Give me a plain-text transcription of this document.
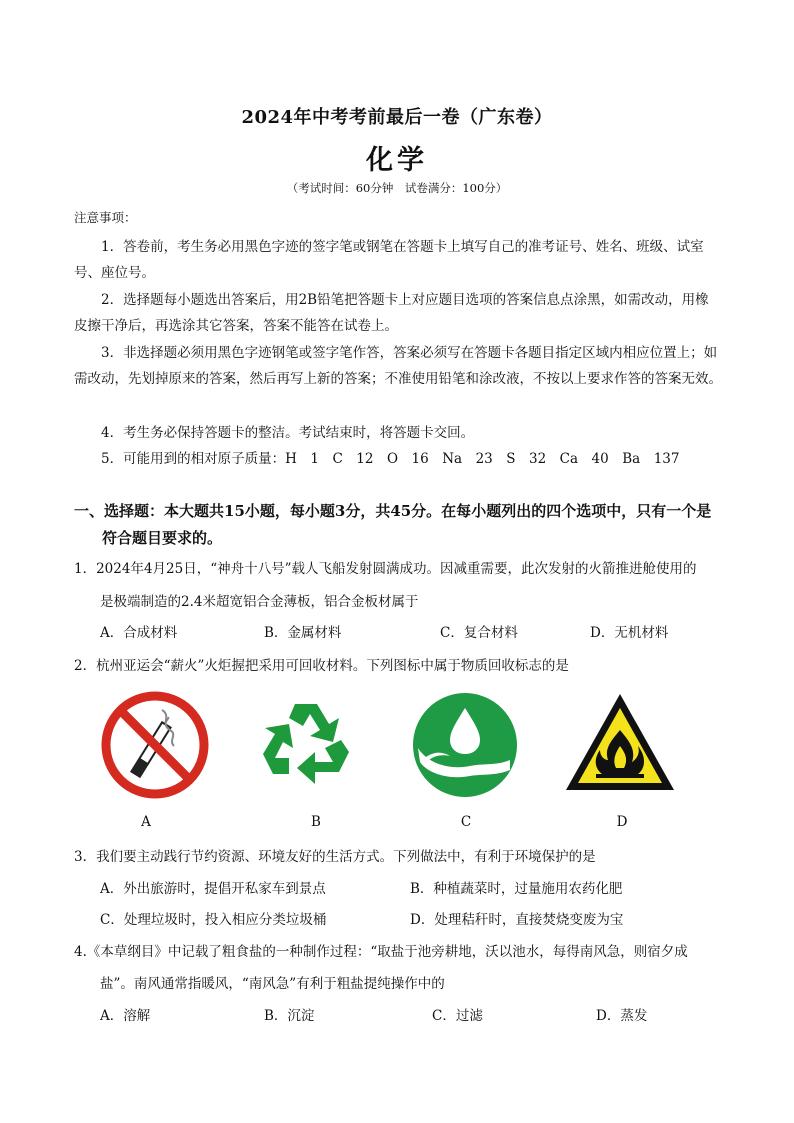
2024年中考考前最后一卷（广东卷）
化学
（考试时间：60分钟　试卷满分：100分）
注意事项：
1．答卷前，考生务必用黑色字迹的签字笔或钢笔在答题卡上填写自己的准考证号、姓名、班级、试室号、座位号。
2．选择题每小题选出答案后，用2B铅笔把答题卡上对应题目选项的答案信息点涂黑，如需改动，用橡皮擦干净后，再选涂其它答案，答案不能答在试卷上。
3．非选择题必须用黑色字迹钢笔或签字笔作答，答案必须写在答题卡各题目指定区域内相应位置上；如需改动，先划掉原来的答案，然后再写上新的答案；不准使用铅笔和涂改液，不按以上要求作答的答案无效。
4．考生务必保持答题卡的整洁。考试结束时，将答题卡交回。
5．可能用到的相对原子质量：H　1　C　12　O　16　Na　23　S　32　Ca　40　Ba　137
一、选择题：本大题共15小题，每小题3分，共45分。在每小题列出的四个选项中，只有一个是符合题目要求的。
1．2024年4月25日，“神舟十八号”载人飞船发射圆满成功。因减重需要，此次发射的火箭推进舱使用的
是极端制造的2.4米超宽铝合金薄板，铝合金板材属于
A．合成材料	B．金属材料	C．复合材料	D．无机材料
2．杭州亚运会“薪火”火炬握把采用可回收材料。下列图标中属于物质回收标志的是
A	B	C	D
3．我们要主动践行节约资源、环境友好的生活方式。下列做法中，有利于环境保护的是
A．外出旅游时，提倡开私家车到景点	B．种植蔬菜时，过量施用农药化肥
C．处理垃圾时，投入相应分类垃圾桶	D．处理秸秆时，直接焚烧变废为宝
4.《本草纲目》中记载了粗食盐的一种制作过程：“取盐于池旁耕地，沃以池水，每得南风急，则宿夕成
盐”。南风通常指暖风，“南风急”有利于粗盐提纯操作中的
A．溶解	B．沉淀	C．过滤	D．蒸发
